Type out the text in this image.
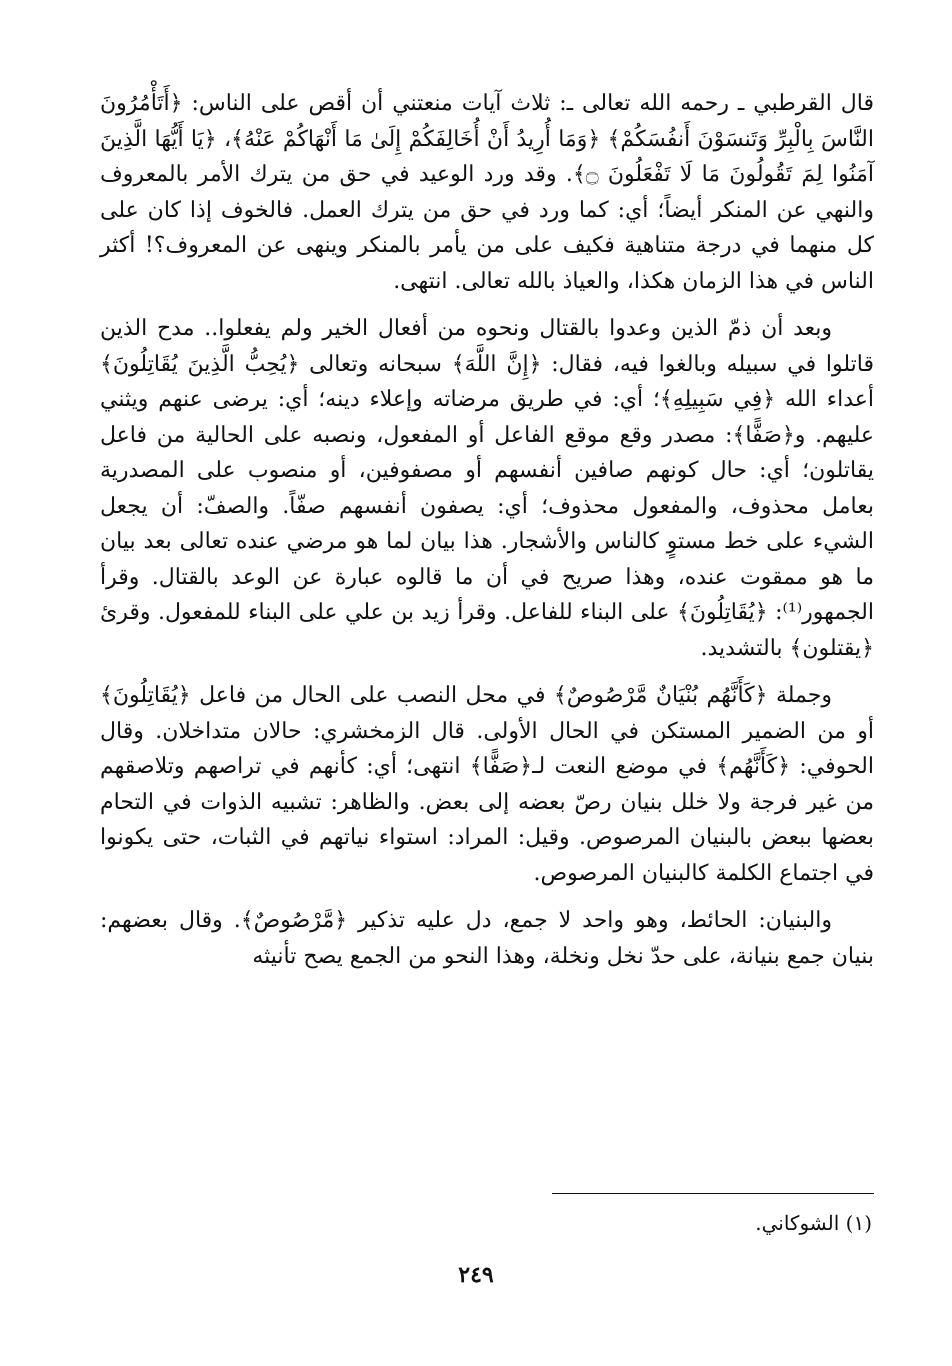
قال القرطبي ـ رحمه الله تعالى ـ: ثلاث آيات منعتني أن أقص على الناس: ﴿أَتَأْمُرُونَ النَّاسَ بِالْبِرِّ وَتَنسَوْنَ أَنفُسَكُمْ﴾ ﴿وَمَا أُرِيدُ أَنْ أُخَالِفَكُمْ إِلَىٰ مَا أَنْهَاكُمْ عَنْهُ﴾، ﴿يَا أَيُّهَا الَّذِينَ آمَنُوا لِمَ تَقُولُونَ مَا لَا تَفْعَلُونَ ۝﴾. وقد ورد الوعيد في حق من يترك الأمر بالمعروف والنهي عن المنكر أيضاً؛ أي: كما ورد في حق من يترك العمل. فالخوف إذا كان على كل منهما في درجة متناهية فكيف على من يأمر بالمنكر وينهى عن المعروف؟! أكثر الناس في هذا الزمان هكذا، والعياذ بالله تعالى. انتهى.

وبعد أن ذمّ الذين وعدوا بالقتال ونحوه من أفعال الخير ولم يفعلوا.. مدح الذين قاتلوا في سبيله وبالغوا فيه، فقال: ﴿إِنَّ اللَّهَ﴾ سبحانه وتعالى ﴿يُحِبُّ الَّذِينَ يُقَاتِلُونَ﴾ أعداء الله ﴿فِي سَبِيلِهِ﴾؛ أي: في طريق مرضاته وإعلاء دينه؛ أي: يرضى عنهم ويثني عليهم. و﴿صَفًّا﴾: مصدر وقع موقع الفاعل أو المفعول، ونصبه على الحالية من فاعل يقاتلون؛ أي: حال كونهم صافين أنفسهم أو مصفوفين، أو منصوب على المصدرية بعامل محذوف، والمفعول محذوف؛ أي: يصفون أنفسهم صفّاً. والصفّ: أن يجعل الشيء على خط مستوٍ كالناس والأشجار. هذا بيان لما هو مرضي عنده تعالى بعد بيان ما هو ممقوت عنده، وهذا صريح في أن ما قالوه عبارة عن الوعد بالقتال. وقرأ الجمهور⁽¹⁾: ﴿يُقَاتِلُونَ﴾ على البناء للفاعل. وقرأ زيد بن علي على البناء للمفعول. وقرئ ﴿يقتلون﴾ بالتشديد.

وجملة ﴿كَأَنَّهُم بُنْيَانٌ مَّرْصُوصٌ﴾ في محل النصب على الحال من فاعل ﴿يُقَاتِلُونَ﴾ أو من الضمير المستكن في الحال الأولى. قال الزمخشري: حالان متداخلان. وقال الحوفي: ﴿كَأَنَّهُم﴾ في موضع النعت لـ﴿صَفًّا﴾ انتهى؛ أي: كأنهم في تراصهم وتلاصقهم من غير فرجة ولا خلل بنيان رصّ بعضه إلى بعض. والظاهر: تشبيه الذوات في التحام بعضها ببعض بالبنيان المرصوص. وقيل: المراد: استواء نياتهم في الثبات، حتى يكونوا في اجتماع الكلمة كالبنيان المرصوص.

والبنيان: الحائط، وهو واحد لا جمع، دل عليه تذكير ﴿مَّرْصُوصٌ﴾. وقال بعضهم: بنيان جمع بنيانة، على حدّ نخل ونخلة، وهذا النحو من الجمع يصح تأنيثه

(١) الشوكاني.
٢٤٩
